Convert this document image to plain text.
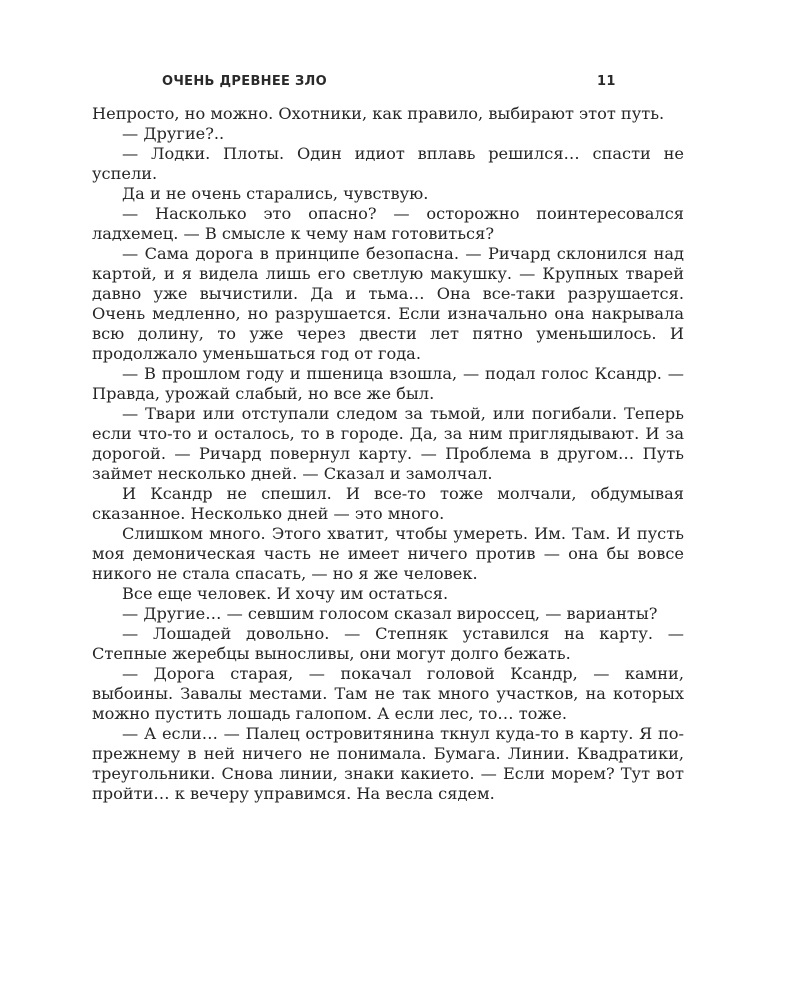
ОЧЕНЬ ДРЕВНЕЕ ЗЛО	11

Непросто, но можно. Охотники, как правило, выбирают этот путь.

— Другие?..

— Лодки. Плоты. Один идиот вплавь решился… спасти не успели.

Да и не очень старались, чувствую.

— Насколько это опасно? — осторожно поинтересовался ладхемец. — В смысле к чему нам готовиться?

— Сама дорога в принципе безопасна. — Ричард склонился над картой, и я видела лишь его светлую макушку. — Крупных тварей давно уже вычистили. Да и тьма… Она все-таки разрушается. Очень медленно, но разрушается. Если изначально она накрывала всю долину, то уже через двести лет пятно уменьшилось. И продолжало уменьшаться год от года.

— В прошлом году и пшеница взошла, — подал голос Ксандр. — Правда, урожай слабый, но все же был.

— Твари или отступали следом за тьмой, или погибали. Теперь если что-то и осталось, то в городе. Да, за ним приглядывают. И за дорогой. — Ричард повернул карту. — Проблема в другом… Путь займет несколько дней. — Сказал и замолчал.

И Ксандр не спешил. И все-то тоже молчали, обдумывая сказанное. Несколько дней — это много.

Слишком много. Этого хватит, чтобы умереть. Им. Там. И пусть моя демоническая часть не имеет ничего против — она бы вовсе никого не стала спасать, — но я же человек.

Все еще человек. И хочу им остаться.

— Другие… — севшим голосом сказал вироссец, — варианты?

— Лошадей довольно. — Степняк уставился на карту. — Степные жеребцы выносливы, они могут долго бежать.

— Дорога старая, — покачал головой Ксандр, — камни, выбоины. Завалы местами. Там не так много участков, на которых можно пустить лошадь галопом. А если лес, то… тоже.

— А если… — Палец островитянина ткнул куда-то в карту. Я по-прежнему в ней ничего не понимала. Бумага. Линии. Квадратики, треугольники. Снова линии, знаки какието. — Если морем? Тут вот пройти… к вечеру управимся. На весла сядем.
